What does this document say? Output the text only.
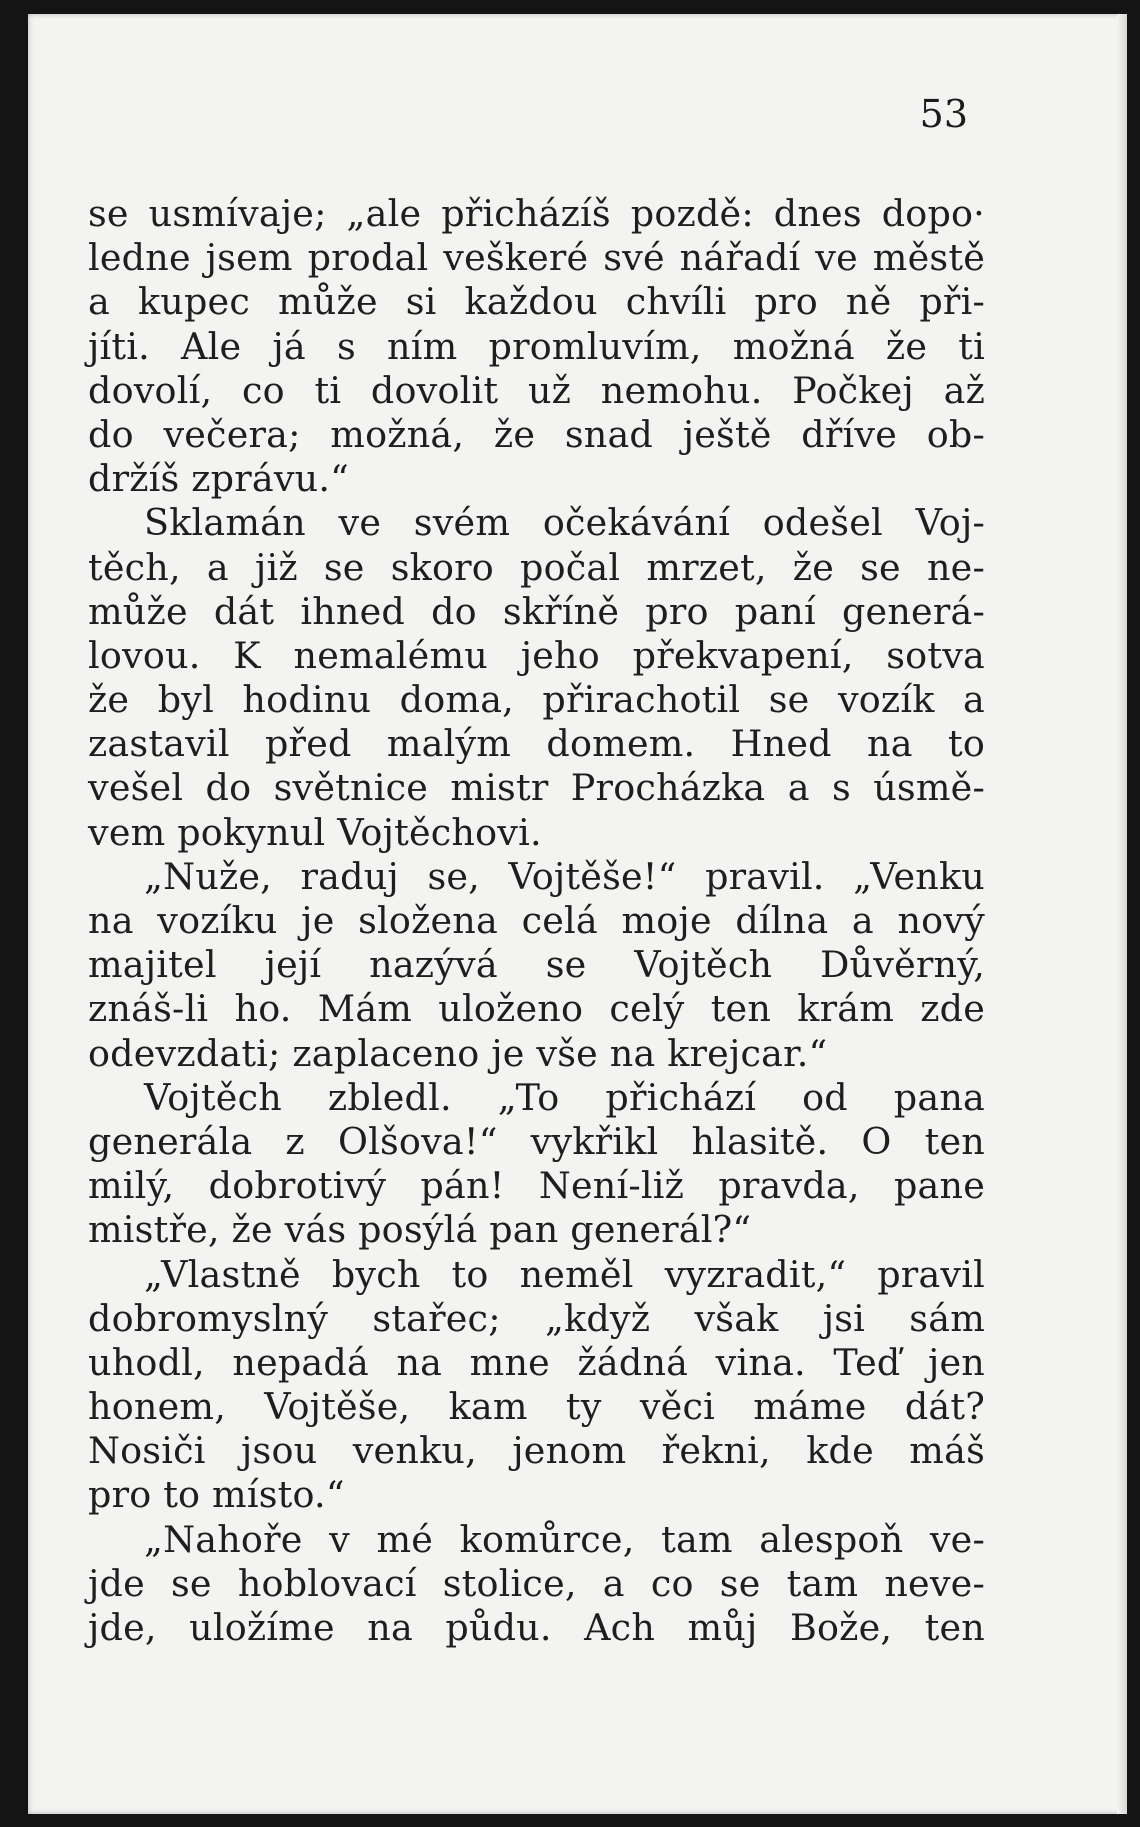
53
se usmívaje; „ale přicházíš pozdě: dnes dopo·
ledne jsem prodal veškeré své nářadí ve městě
a kupec může si každou chvíli pro ně při-
jíti. Ale já s ním promluvím, možná že ti
dovolí, co ti dovolit už nemohu. Počkej až
do večera; možná, že snad ještě dříve ob-
držíš zprávu.“
Sklamán ve svém očekávání odešel Voj-
těch, a již se skoro počal mrzet, že se ne-
může dát ihned do skříně pro paní generá-
lovou. K nemalému jeho překvapení, sotva
že byl hodinu doma, přirachotil se vozík a
zastavil před malým domem. Hned na to
vešel do světnice mistr Procházka a s úsmě-
vem pokynul Vojtěchovi.
„Nuže, raduj se, Vojtěše!“ pravil. „Venku
na vozíku je složena celá moje dílna a nový
majitel její nazývá se Vojtěch Důvěrný,
znáš-li ho. Mám uloženo celý ten krám zde
odevzdati; zaplaceno je vše na krejcar.“
Vojtěch zbledl. „To přichází od pana
generála z Olšova!“ vykřikl hlasitě. O ten
milý, dobrotivý pán! Není-liž pravda, pane
mistře, že vás posýlá pan generál?“
„Vlastně bych to neměl vyzradit,“ pravil
dobromyslný stařec; „když však jsi sám
uhodl, nepadá na mne žádná vina. Teď jen
honem, Vojtěše, kam ty věci máme dát?
Nosiči jsou venku, jenom řekni, kde máš
pro to místo.“
„Nahoře v mé komůrce, tam alespoň ve-
jde se hoblovací stolice, a co se tam neve-
jde, uložíme na půdu. Ach můj Bože, ten
